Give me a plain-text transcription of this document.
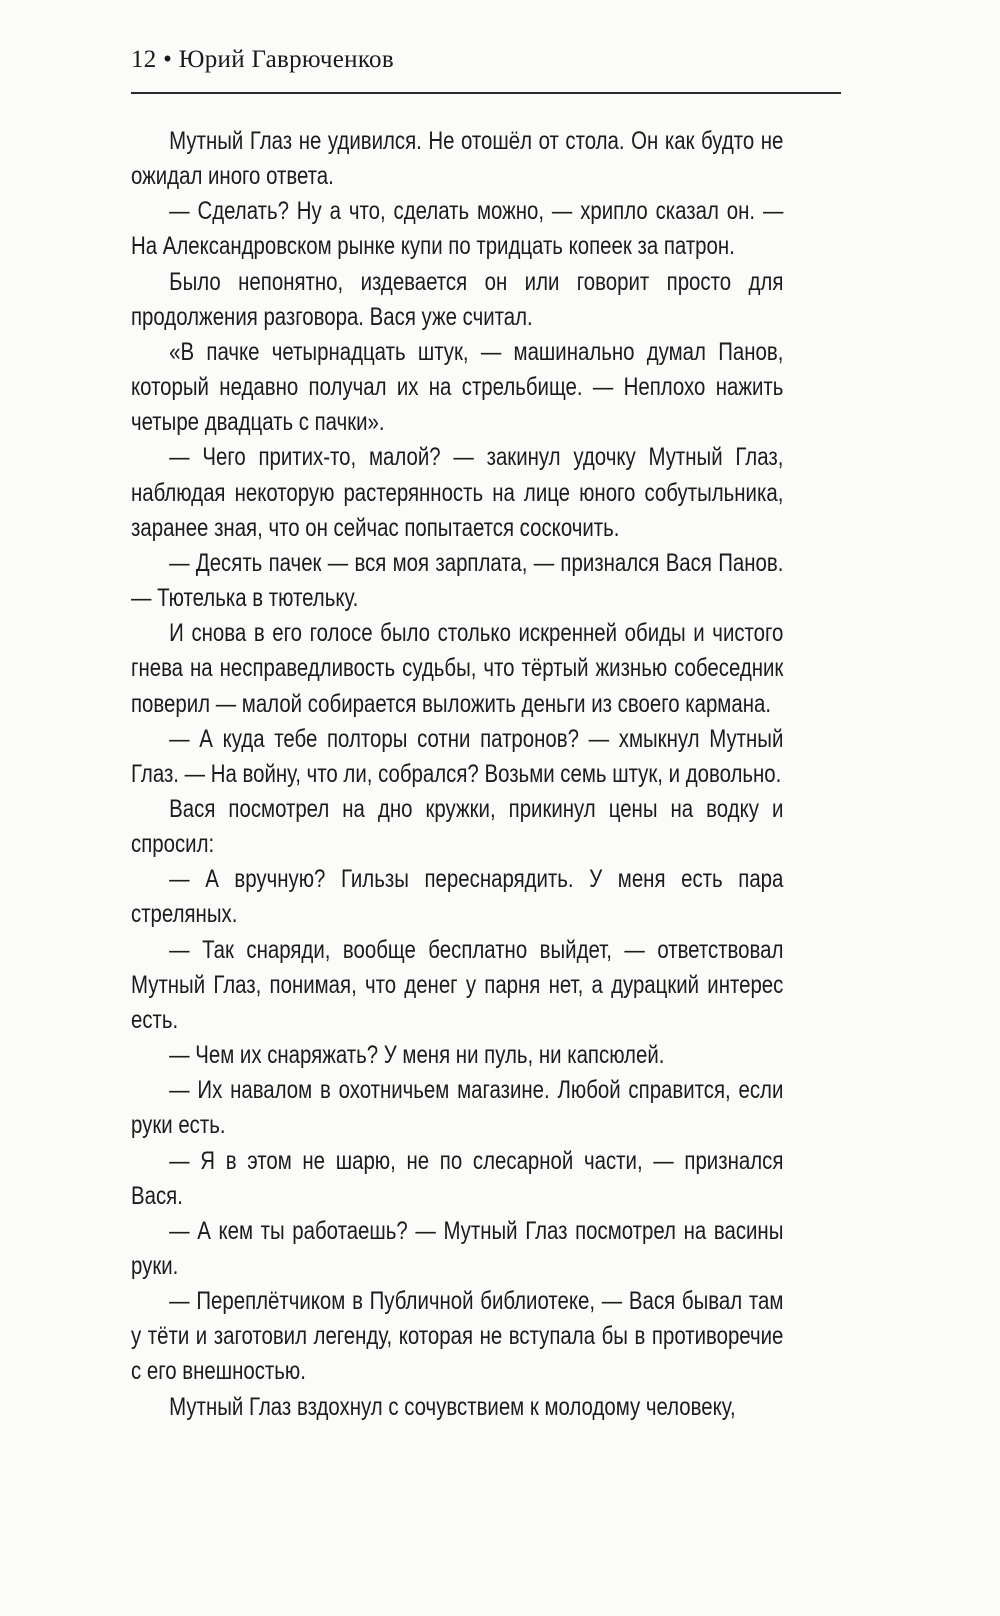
12 • Юрий Гаврюченков

Мутный Глаз не удивился. Не отошёл от стола. Он как будто не ожидал иного ответа.

— Сделать? Ну а что, сделать можно, — хрипло сказал он. — На Александровском рынке купи по тридцать копеек за патрон.

Было непонятно, издевается он или говорит просто для продолжения разговора. Вася уже считал.

«В пачке четырнадцать штук, — машинально думал Панов, который недавно получал их на стрельбище. — Неплохо нажить четыре двадцать с пачки».

— Чего притих-то, малой? — закинул удочку Мутный Глаз, наблюдая некоторую растерянность на лице юного собутыльника, заранее зная, что он сейчас попытается соскочить.

— Десять пачек — вся моя зарплата, — признался Вася Панов. — Тютелька в тютельку.

И снова в его голосе было столько искренней обиды и чистого гнева на несправедливость судьбы, что тёртый жизнью собеседник поверил — малой собирается выложить деньги из своего кармана.

— А куда тебе полторы сотни патронов? — хмыкнул Мутный Глаз. — На войну, что ли, собрался? Возьми семь штук, и довольно.

Вася посмотрел на дно кружки, прикинул цены на водку и спросил:

— А вручную? Гильзы переснарядить. У меня есть пара стреляных.

— Так снаряди, вообще бесплатно выйдет, — ответствовал Мутный Глаз, понимая, что денег у парня нет, а дурацкий интерес есть.

— Чем их снаряжать? У меня ни пуль, ни капсюлей.

— Их навалом в охотничьем магазине. Любой справится, если руки есть.

— Я в этом не шарю, не по слесарной части, — признался Вася.

— А кем ты работаешь? — Мутный Глаз посмотрел на васины руки.

— Переплётчиком в Публичной библиотеке, — Вася бывал там у тёти и заготовил легенду, которая не вступала бы в противоречие с его внешностью.

Мутный Глаз вздохнул с сочувствием к молодому человеку,
